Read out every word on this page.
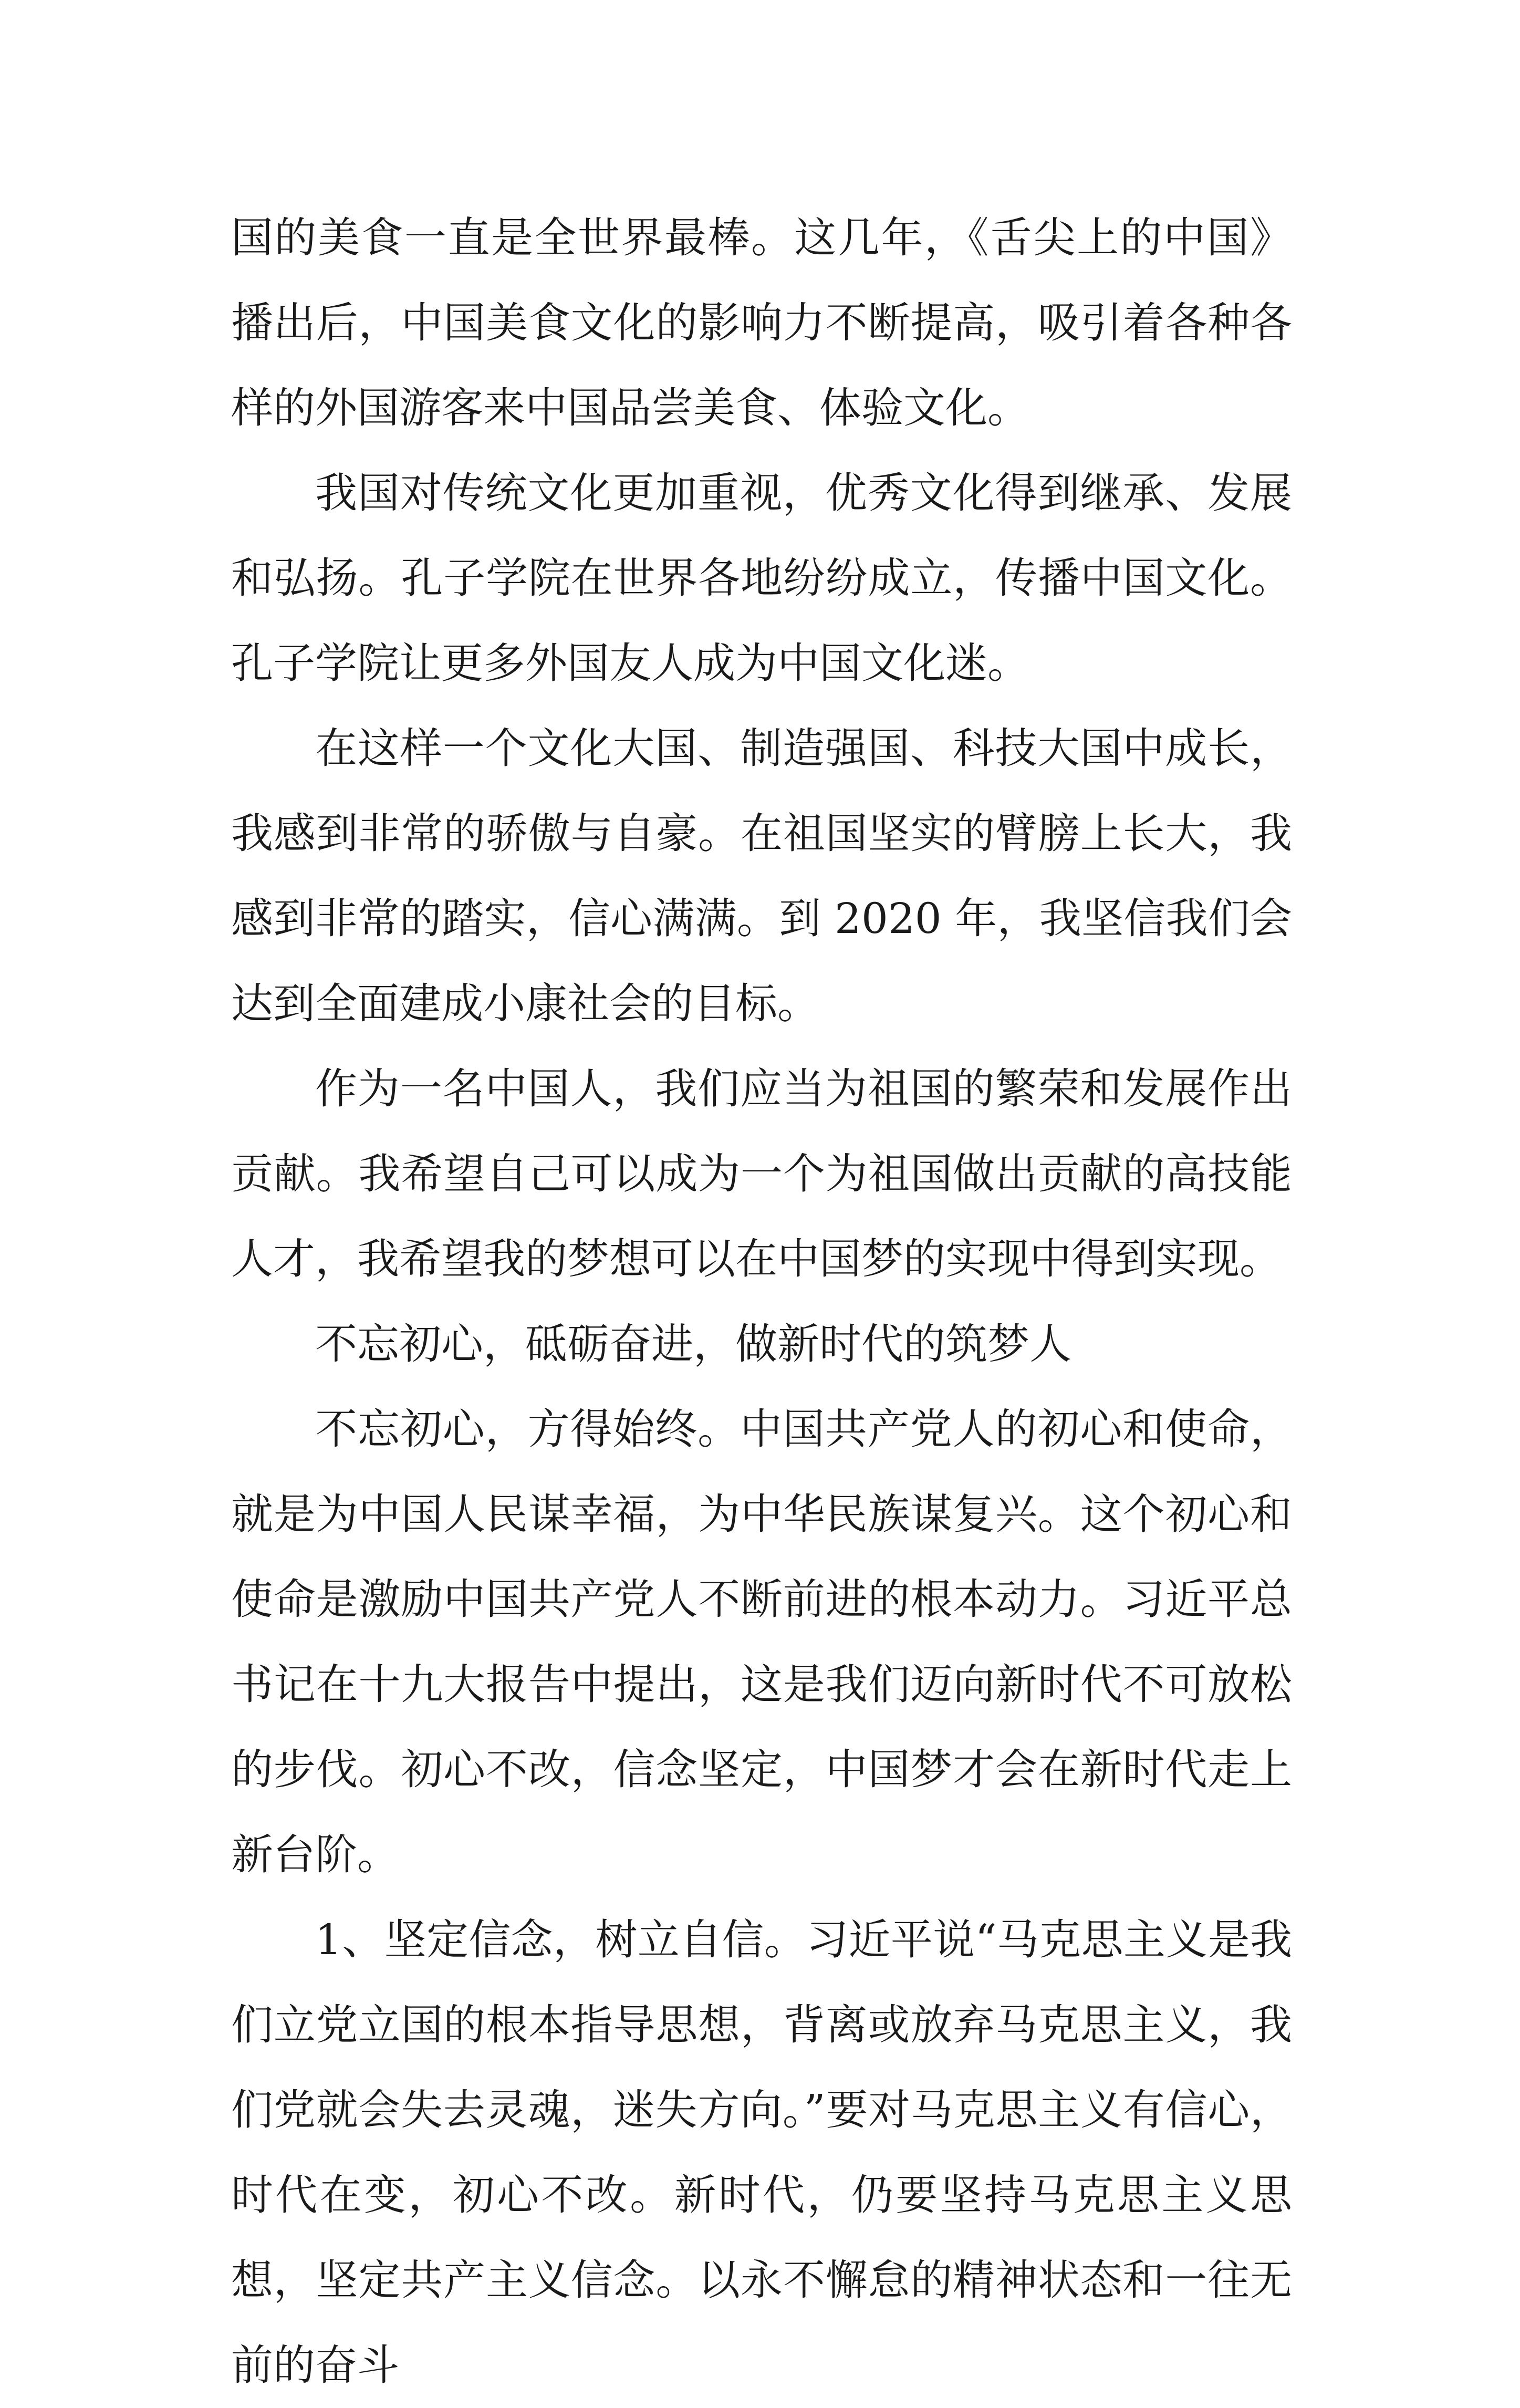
国的美食一直是全世界最棒。这几年，《舌尖上的中国》播出后，中国美食文化的影响力不断提高，吸引着各种各样的外国游客来中国品尝美食、体验文化。

我国对传统文化更加重视，优秀文化得到继承、发展和弘扬。孔子学院在世界各地纷纷成立，传播中国文化。孔子学院让更多外国友人成为中国文化迷。

在这样一个文化大国、制造强国、科技大国中成长，我感到非常的骄傲与自豪。在祖国坚实的臂膀上长大，我感到非常的踏实，信心满满。到 2020 年，我坚信我们会达到全面建成小康社会的目标。

作为一名中国人，我们应当为祖国的繁荣和发展作出贡献。我希望自己可以成为一个为祖国做出贡献的高技能人才，我希望我的梦想可以在中国梦的实现中得到实现。

不忘初心，砥砺奋进，做新时代的筑梦人

不忘初心，方得始终。中国共产党人的初心和使命，就是为中国人民谋幸福，为中华民族谋复兴。这个初心和使命是激励中国共产党人不断前进的根本动力。习近平总书记在十九大报告中提出，这是我们迈向新时代不可放松的步伐。初心不改，信念坚定，中国梦才会在新时代走上新台阶。

1、坚定信念，树立自信。习近平说“马克思主义是我们立党立国的根本指导思想，背离或放弃马克思主义，我们党就会失去灵魂，迷失方向。”要对马克思主义有信心，时代在变，初心不改。新时代，仍要坚持马克思主义思想，坚定共产主义信念。以永不懈怠的精神状态和一往无前的奋斗
